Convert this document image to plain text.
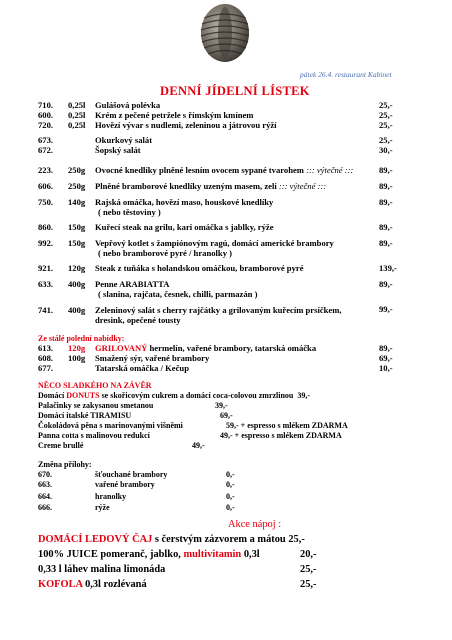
pátek 26.4. restaurant Kabinet
DENNÍ JÍDELNÍ LÍSTEK
710. 0,25l Gulášová polévka	25,-
600. 0,25l Krém z pečené petržele s římským kmínem	25,-
720. 0,25l Hovězí vývar s nudlemi, zeleninou a játrovou rýží	25,-
673.	Okurkový salát	25,-
672.	Šopský salát	30,-
223. 250g Ovocné knedlíky plněné lesním ovocem sypané tvarohem ::: výtečné :::	89,-
606. 250g Plněné bramborové knedlíky uzeným masem, zelí ::: výtečné :::	89,-
750. 140g Rajská omáčka, hovězí maso, houskové knedlíky	89,-
( nebo těstoviny )
860. 150g Kuřecí steak na grilu, kari omáčka s jablky, rýže	89,-
992. 150g Vepřový kotlet s žampiónovým ragú, domácí americké brambory	89,-
( nebo bramborové pyré / hranolky )
921. 120g Steak z tuňáka s holandskou omáčkou, bramborové pyré	139,-
633. 400g Penne ARABIATTA	89,-
( slanina, rajčata, česnek, chilli, parmazán )
741. 400g Zeleninový salát s cherry rajčátky a grilovaným kuřecím prsíčkem,	99,-
dresink, opečené tousty
Ze stálé polední nabídky:
613. 120g GRILOVANÝ hermelín, vařené brambory, tatarská omáčka	89,-
608. 100g Smažený sýr, vařené brambory	69,-
677.	Tatarská omáčka / Kečup	10,-
NĚCO SLADKÉHO NA ZÁVĚR
Domácí DONUTS se skořicovým cukrem a domácí coca-colovou zmrzlinou 39,-
Palačinky se zakysanou smetanou	39,-
Domácí italské TIRAMISU	69,-
Čokoládová pěna s marinovanými višněmi	59,- + espresso s mlékem ZDARMA
Panna cotta s malinovou redukcí	49,- + espresso s mlékem ZDARMA
Creme brullé	49,-
Změna přílohy:
670.	šťouchané brambory	0,-
663.	vařené brambory	0,-
664.	hranolky	0,-
666.	rýže	0,-
Akce nápoj :
DOMÁCÍ LEDOVÝ ČAJ s čerstvým zázvorem a mátou 25,-
100% JUICE pomeranč, jablko, multivitamin 0,3l	20,-
0,33 l láhev malina limonáda	25,-
KOFOLA 0,3l rozlévaná	25,-
